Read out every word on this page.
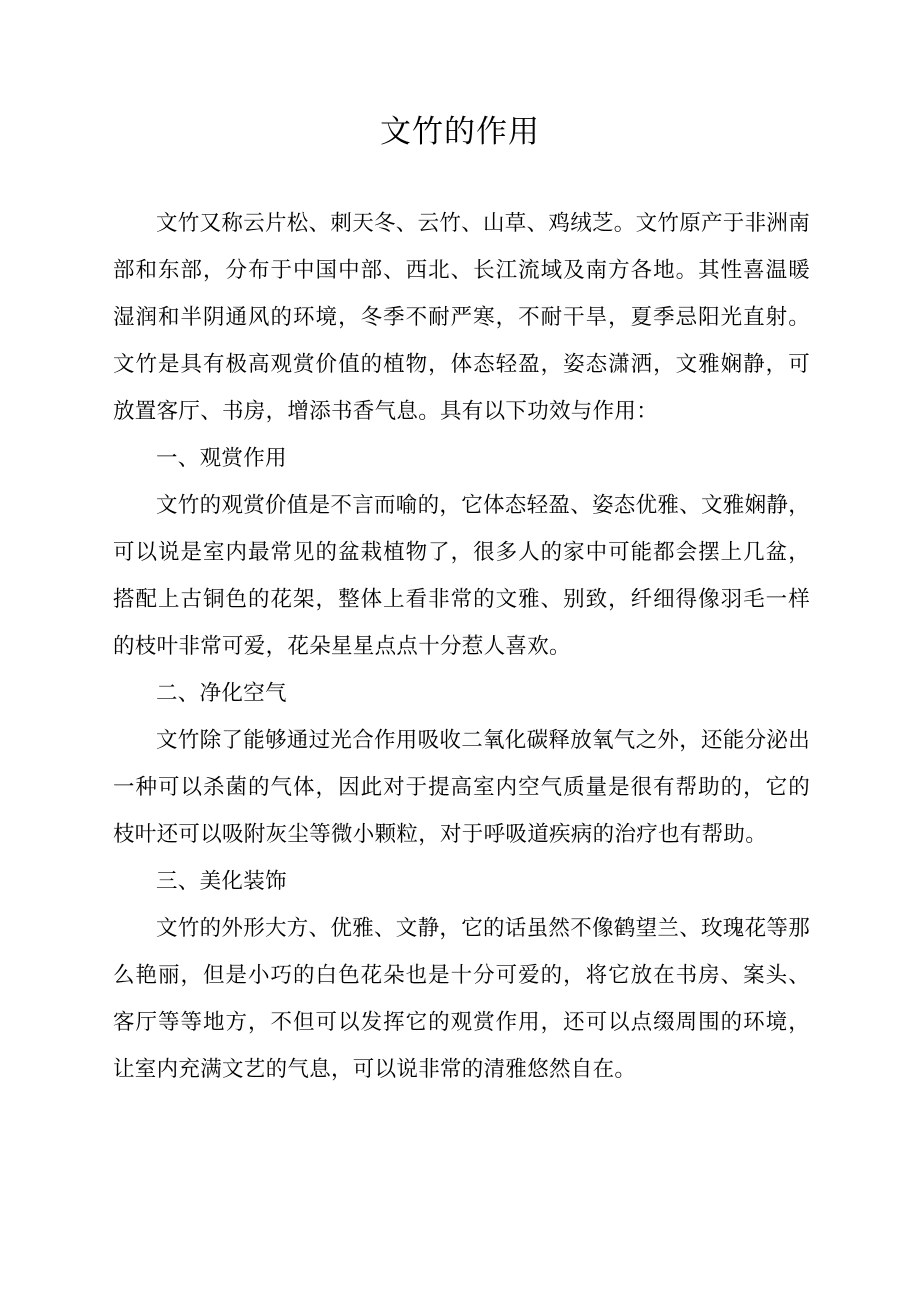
文竹的作用

文竹又称云片松、刺天冬、云竹、山草、鸡绒芝。文竹原产于非洲南部和东部，分布于中国中部、西北、长江流域及南方各地。其性喜温暖湿润和半阴通风的环境，冬季不耐严寒，不耐干旱，夏季忌阳光直射。文竹是具有极高观赏价值的植物，体态轻盈，姿态潇洒，文雅娴静，可放置客厅、书房，增添书香气息。具有以下功效与作用：

一、观赏作用

文竹的观赏价值是不言而喻的，它体态轻盈、姿态优雅、文雅娴静，可以说是室内最常见的盆栽植物了，很多人的家中可能都会摆上几盆，搭配上古铜色的花架，整体上看非常的文雅、别致，纤细得像羽毛一样的枝叶非常可爱，花朵星星点点十分惹人喜欢。

二、净化空气

文竹除了能够通过光合作用吸收二氧化碳释放氧气之外，还能分泌出一种可以杀菌的气体，因此对于提高室内空气质量是很有帮助的，它的枝叶还可以吸附灰尘等微小颗粒，对于呼吸道疾病的治疗也有帮助。

三、美化装饰

文竹的外形大方、优雅、文静，它的话虽然不像鹤望兰、玫瑰花等那么艳丽，但是小巧的白色花朵也是十分可爱的，将它放在书房、案头、客厅等等地方，不但可以发挥它的观赏作用，还可以点缀周围的环境，让室内充满文艺的气息，可以说非常的清雅悠然自在。
